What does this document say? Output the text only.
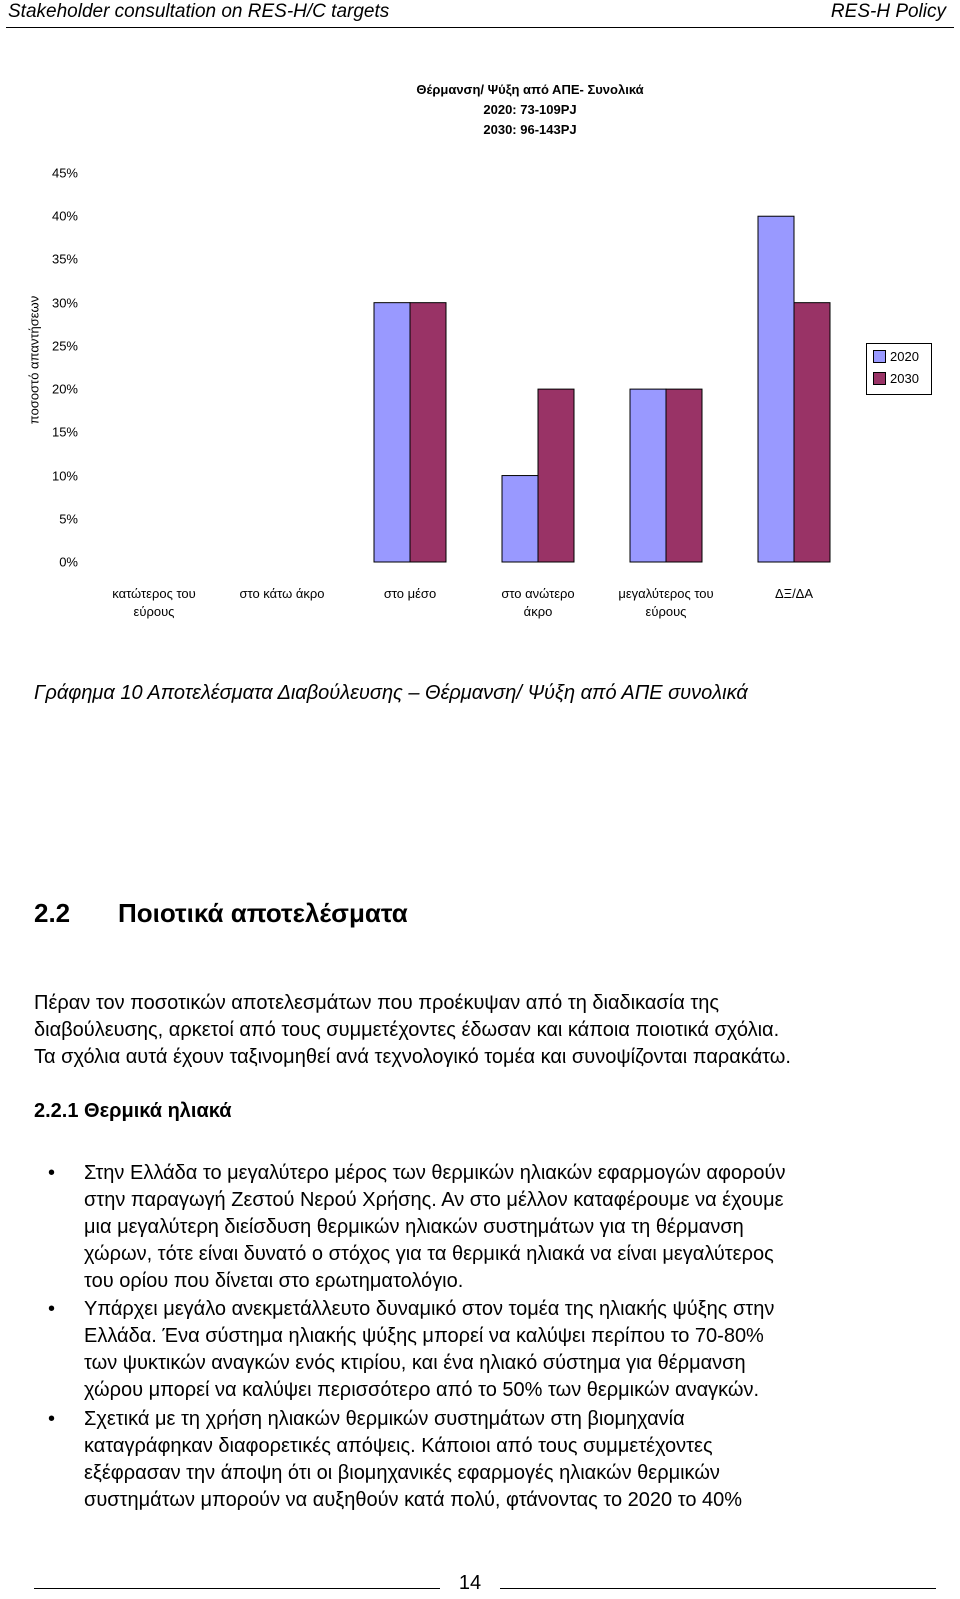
Stakeholder consultation on RES-H/C targets	RES-H Policy
Θέρμανση/ Ψύξη από ΑΠΕ- Συνολικά
2020: 73-109PJ
2030: 96-143PJ
ποσοστό απαντήσεων
0%
5%
10%
15%
20%
25%
30%
35%
40%
45%
κατώτερος του
εύρους
στο κάτω άκρο	στο μέσο	στο ανώτερο
άκρο
μεγαλύτερος του
εύρους
ΔΞ/ΔΑ
2020
2030
Γράφημα 10 Αποτελέσματα Διαβούλευσης – Θέρμανση/ Ψύξη από ΑΠΕ συνολικά
2.2	Ποιοτικά αποτελέσματα
Πέραν τον ποσοτικών αποτελεσμάτων που προέκυψαν από τη διαδικασία της
διαβούλευσης, αρκετοί από τους συμμετέχοντες έδωσαν και κάποια ποιοτικά σχόλια.
Τα σχόλια αυτά έχουν ταξινομηθεί ανά τεχνολογικό τομέα και συνοψίζονται παρακάτω.
2.2.1 Θερμικά ηλιακά
• Στην Ελλάδα το μεγαλύτερο μέρος των θερμικών ηλιακών εφαρμογών αφορούν
στην παραγωγή Ζεστού Νερού Χρήσης. Αν στο μέλλον καταφέρουμε να έχουμε
μια μεγαλύτερη διείσδυση θερμικών ηλιακών συστημάτων για τη θέρμανση
χώρων, τότε είναι δυνατό ο στόχος για τα θερμικά ηλιακά να είναι μεγαλύτερος
του ορίου που δίνεται στο ερωτηματολόγιο.
• Υπάρχει μεγάλο ανεκμετάλλευτο δυναμικό στον τομέα της ηλιακής ψύξης στην
Ελλάδα. Ένα σύστημα ηλιακής ψύξης μπορεί να καλύψει περίπου το 70-80%
των ψυκτικών αναγκών ενός κτιρίου, και ένα ηλιακό σύστημα για θέρμανση
χώρου μπορεί να καλύψει περισσότερο από το 50% των θερμικών αναγκών.
• Σχετικά με τη χρήση ηλιακών θερμικών συστημάτων στη βιομηχανία
καταγράφηκαν διαφορετικές απόψεις. Κάποιοι από τους συμμετέχοντες
εξέφρασαν την άποψη ότι οι βιομηχανικές εφαρμογές ηλιακών θερμικών
συστημάτων μπορούν να αυξηθούν κατά πολύ, φτάνοντας το 2020 το 40%
14
